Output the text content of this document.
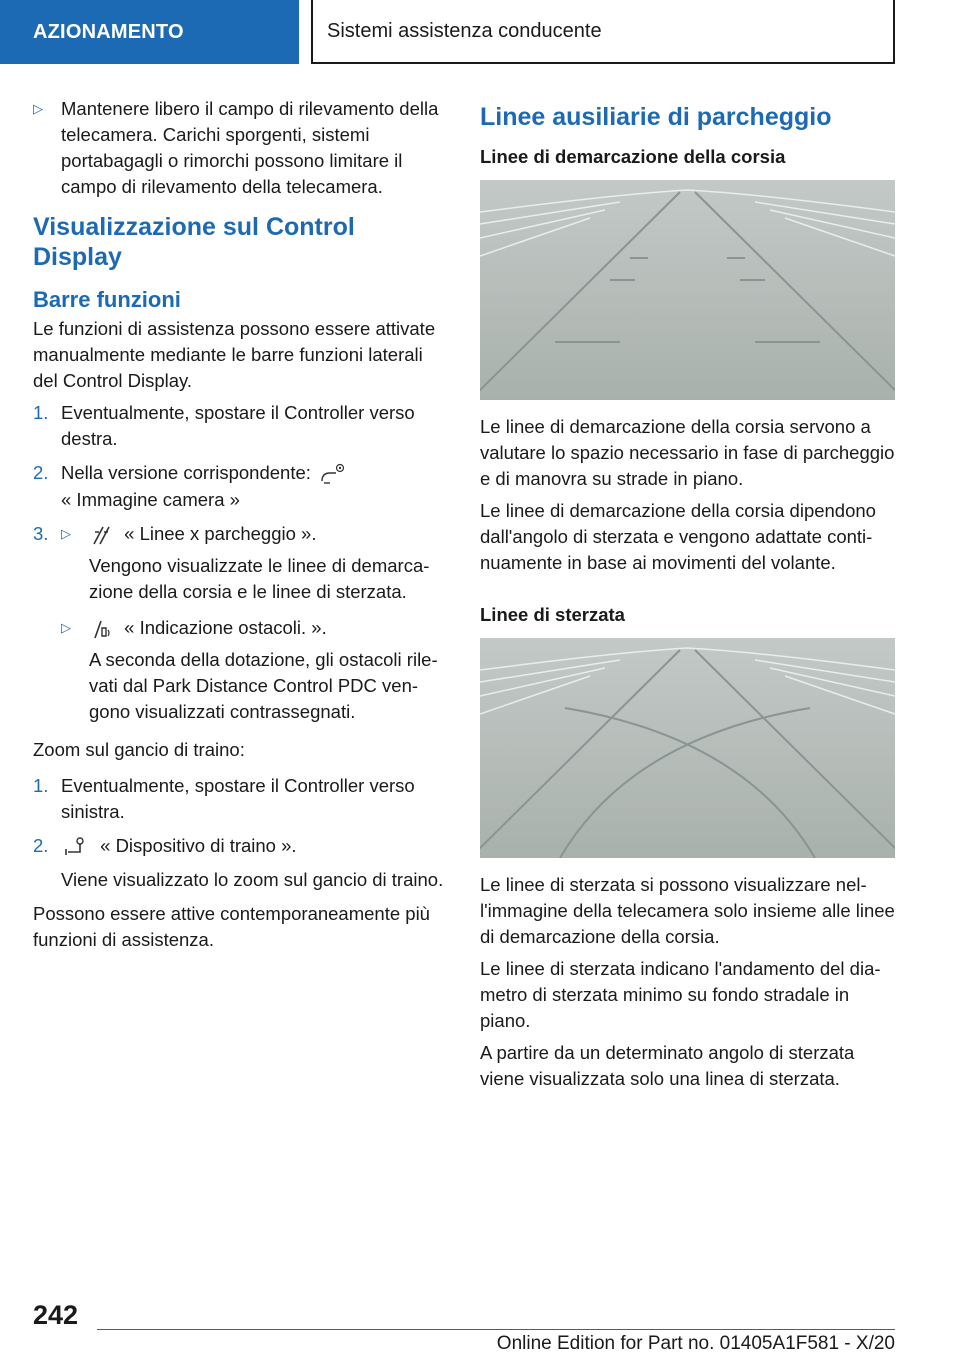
AZIONAMENTO	Sistemi assistenza conducente
▷ Mantenere libero il campo di rilevamento della telecamera. Carichi sporgenti, sistemi portabagagli o rimorchi possono limitare il campo di rilevamento della telecamera.
Visualizzazione sul Control Display
Barre funzioni

Le funzioni di assistenza possono essere attivate manualmente mediante le barre funzioni laterali del Control Display.

1. Eventualmente, spostare il Controller verso destra.
2. Nella versione corrispondente:
« Immagine camera »
3. ▷	« Linee x parcheggio ».

Vengono visualizzate le linee di demarcazione della corsia e le linee di sterzata.

▷	« Indicazione ostacoli. ».

A seconda della dotazione, gli ostacoli rilevati dal Park Distance Control PDC vengono visualizzati contrassegnati.

Zoom sul gancio di traino:

1. Eventualmente, spostare il Controller verso sinistra.
2.	« Dispositivo di traino ».

Viene visualizzato lo zoom sul gancio di traino.

Possono essere attive contemporaneamente più funzioni di assistenza.

Linee ausiliarie di parcheggio
Linee di demarcazione della corsia

Le linee di demarcazione della corsia servono a valutare lo spazio necessario in fase di parcheggio e di manovra su strade in piano.

Le linee di demarcazione della corsia dipendono dall'angolo di sterzata e vengono adattate continuamente in base ai movimenti del volante.

Linee di sterzata

Le linee di sterzata si possono visualizzare nell'immagine della telecamera solo insieme alle linee di demarcazione della corsia.

Le linee di sterzata indicano l'andamento del diametro di sterzata minimo su fondo stradale in piano.

A partire da un determinato angolo di sterzata viene visualizzata solo una linea di sterzata.

242
Online Edition for Part no. 01405A1F581 - X/20
